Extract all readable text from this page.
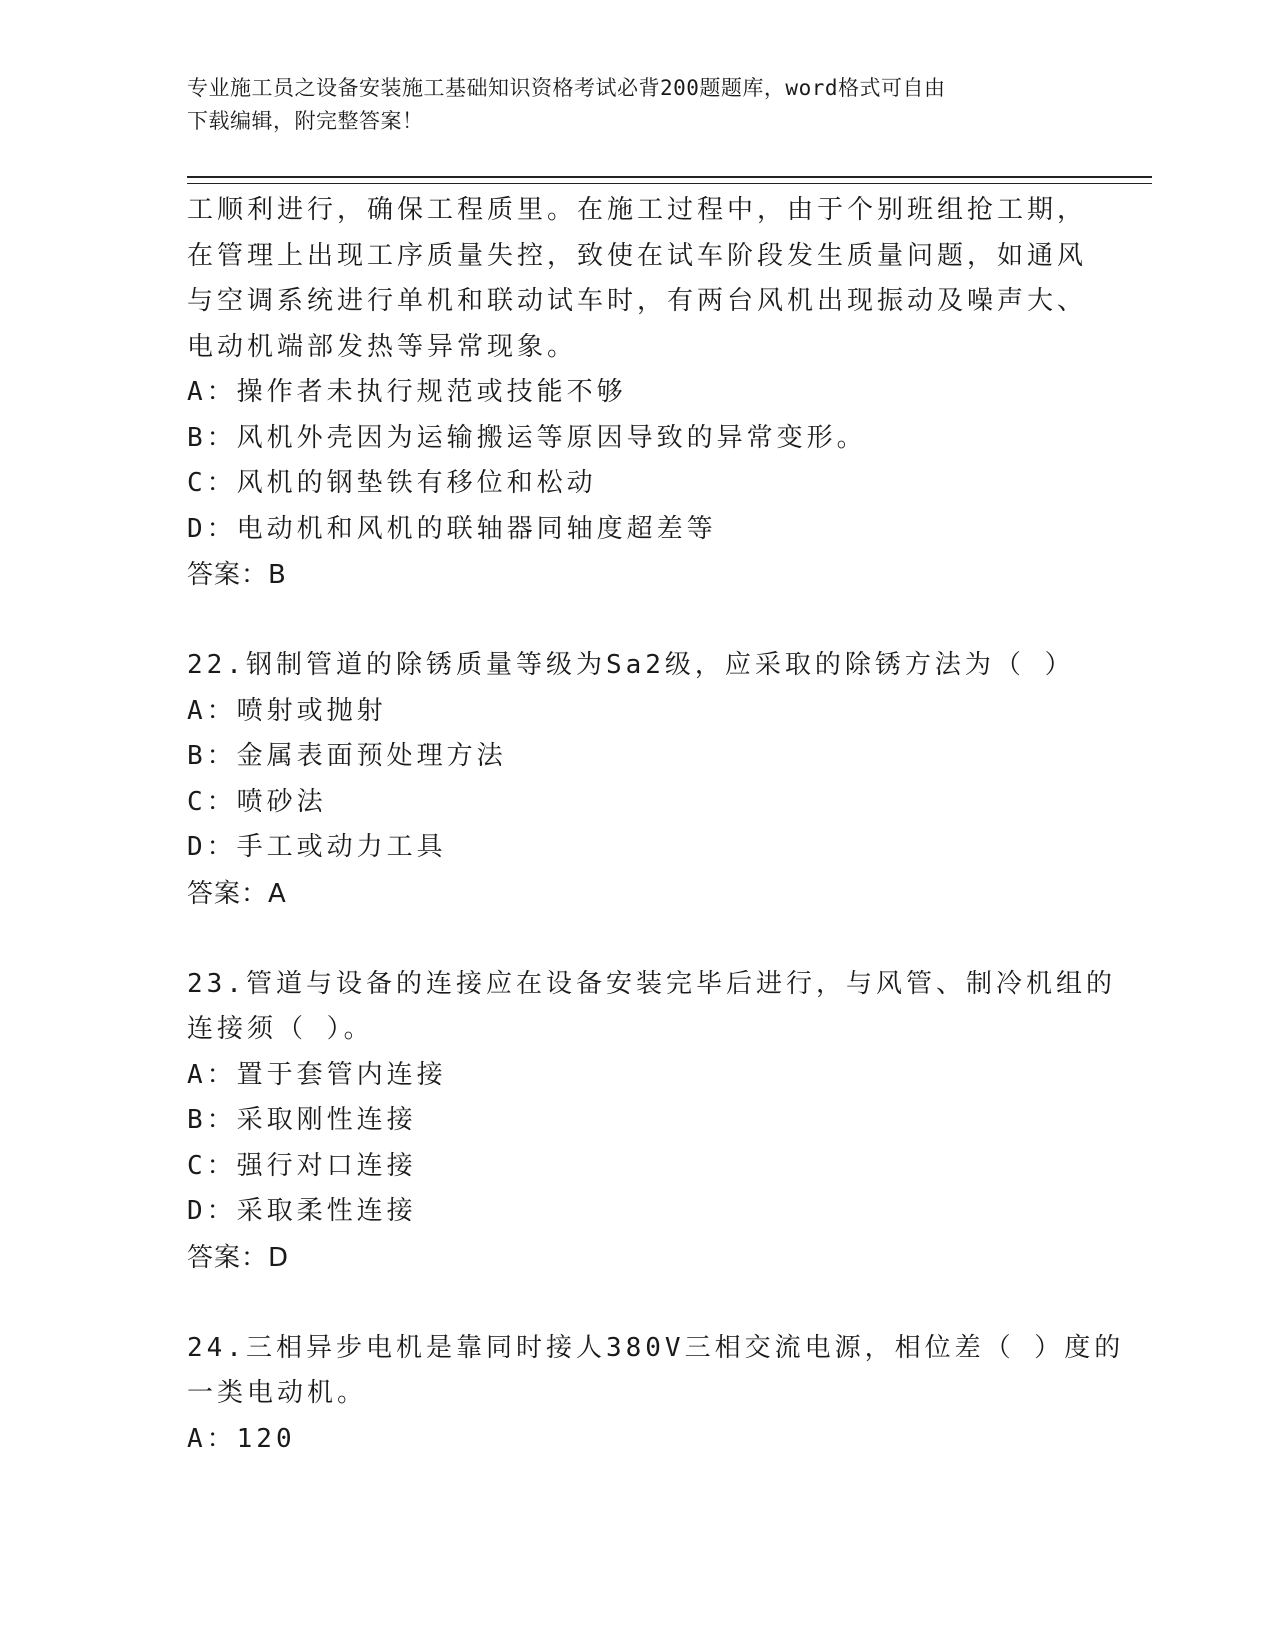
专业施工员之设备安装施工基础知识资格考试必背200题题库，word格式可自由
下载编辑，附完整答案！
工顺利进行，确保工程质里。在施工过程中，由于个别班组抢工期，
在管理上出现工序质量失控，致使在试车阶段发生质量问题，如通风
与空调系统进行单机和联动试车时，有两台风机出现振动及噪声大、
电动机端部发热等异常现象。
A：操作者未执行规范或技能不够
B：风机外壳因为运输搬运等原因导致的异常变形。
C：风机的钢垫铁有移位和松动
D：电动机和风机的联轴器同轴度超差等
答案：B
22.钢制管道的除锈质量等级为Sa2级，应采取的除锈方法为（ ）
A：喷射或抛射
B：金属表面预处理方法
C：喷砂法
D：手工或动力工具
答案：A
23.管道与设备的连接应在设备安装完毕后进行，与风管、制冷机组的
连接须（ ）。
A：置于套管内连接
B：采取刚性连接
C：强行对口连接
D：采取柔性连接
答案：D
24.三相异步电机是靠同时接人380V三相交流电源，相位差（ ）度的
一类电动机。
A：120
